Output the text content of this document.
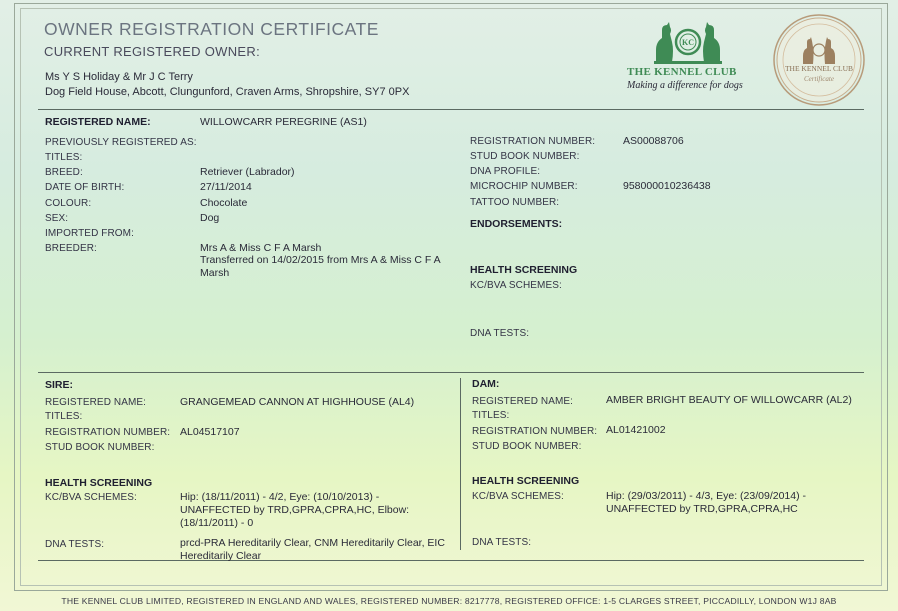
OWNER REGISTRATION CERTIFICATE
CURRENT REGISTERED OWNER:
Ms Y S Holiday & Mr J C Terry
Dog Field House, Abcott, Clungunford, Craven Arms, Shropshire, SY7 0PX
KC
THE KENNEL CLUB
Making a difference for dogs
THE KENNEL CLUB
Certificate
REGISTERED NAME:	WILLOWCARR PEREGRINE (AS1)
PREVIOUSLY REGISTERED AS:
TITLES:
BREED:	Retriever (Labrador)
DATE OF BIRTH:	27/11/2014
COLOUR:	Chocolate
SEX:	Dog
IMPORTED FROM:
BREEDER:	Mrs A & Miss C F A Marsh
Transferred on 14/02/2015 from Mrs A & Miss C F A Marsh
REGISTRATION NUMBER:	AS00088706
STUD BOOK NUMBER:
DNA PROFILE:
MICROCHIP NUMBER:	958000010236438
TATTOO NUMBER:
ENDORSEMENTS:
HEALTH SCREENING
KC/BVA SCHEMES:
DNA TESTS:
SIRE:
REGISTERED NAME:	GRANGEMEAD CANNON AT HIGHHOUSE (AL4)
TITLES:
REGISTRATION NUMBER: AL04517107
STUD BOOK NUMBER:
HEALTH SCREENING
KC/BVA SCHEMES:	Hip: (18/11/2011) - 4/2, Eye: (10/10/2013) - UNAFFECTED by TRD,GPRA,CPRA,HC, Elbow: (18/11/2011) - 0
DNA TESTS:	prcd-PRA Hereditarily Clear, CNM Hereditarily Clear, EIC Hereditarily Clear
DAM:
REGISTERED NAME:	AMBER BRIGHT BEAUTY OF WILLOWCARR (AL2)
TITLES:
REGISTRATION NUMBER: AL01421002
STUD BOOK NUMBER:
HEALTH SCREENING
KC/BVA SCHEMES:	Hip: (29/03/2011) - 4/3, Eye: (23/09/2014) - UNAFFECTED by TRD,GPRA,CPRA,HC
DNA TESTS:
THE KENNEL CLUB LIMITED, REGISTERED IN ENGLAND AND WALES, REGISTERED NUMBER: 8217778, REGISTERED OFFICE: 1-5 CLARGES STREET, PICCADILLY, LONDON W1J 8AB
